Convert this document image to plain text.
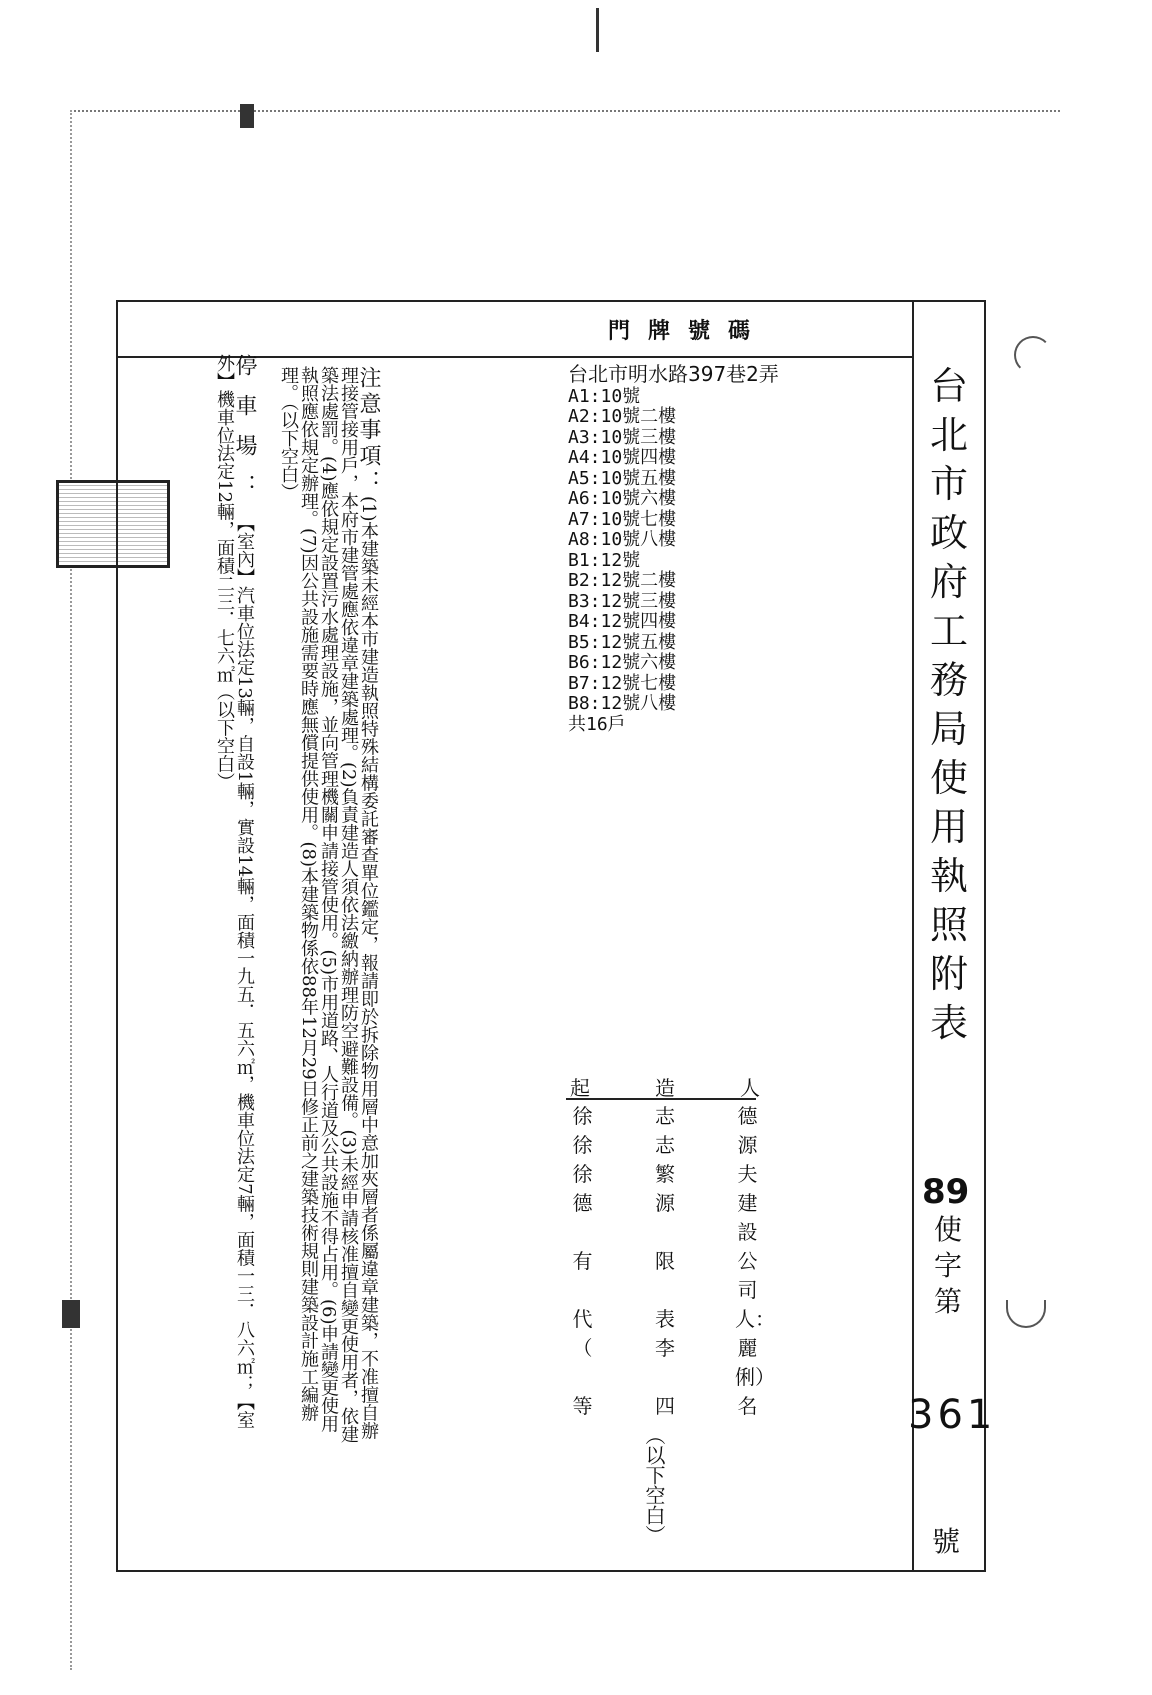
台
北
市
政
府
工
務
局
使
用
執
照
附
表
89
使字第
361
號
門牌號碼
台北市明水路397巷2弄
A1:10號
A2:10號二樓
A3:10號三樓
A4:10號四樓
A5:10號五樓
A6:10號六樓
A7:10號七樓
A8:10號八樓
B1:12號
B2:12號二樓
B3:12號三樓
B4:12號四樓
B5:12號五樓
B6:12號六樓
B7:12號七樓
B8:12號八樓
共16戶
起	造	人
徐	志	德
徐	志	源
徐	繁	夫
德	源	建設
有	限	公司
代	表	人：
（	李	麗俐）
等	四	名
（以下空白）
注意事項：(1)本建築未經本市建造執照特殊結構委託審查單位鑑定，報請即於拆除物用層中意加夾層者係屬違章建築，不准擅自辦理接管接用戶，本府市建管處應依違章建築處理。(2)負責建造人須依法繳納辦理防空避難設備。(3)未經申請核准擅自變更使用者，依建築法處罰。(4)應依規定設置污水處理設施，並向管理機關申請接管使用。(5)市用道路、人行道及公共設施不得占用。(6)申請變更使用執照應依規定辦理。(7)因公共設施需要時應無償提供使用。(8)本建築物係依88年12月29日修正前之建築技術規則建築設計施工編辦理。（以下空白）
停車場：【室內】汽車位法定13輛，自設1輛，實設14輛，面積一九五．五六㎡，機車位法定7輛，面積一三．八六㎡；【室外】機車位法定12輛，面積二三．七六㎡（以下空白）
